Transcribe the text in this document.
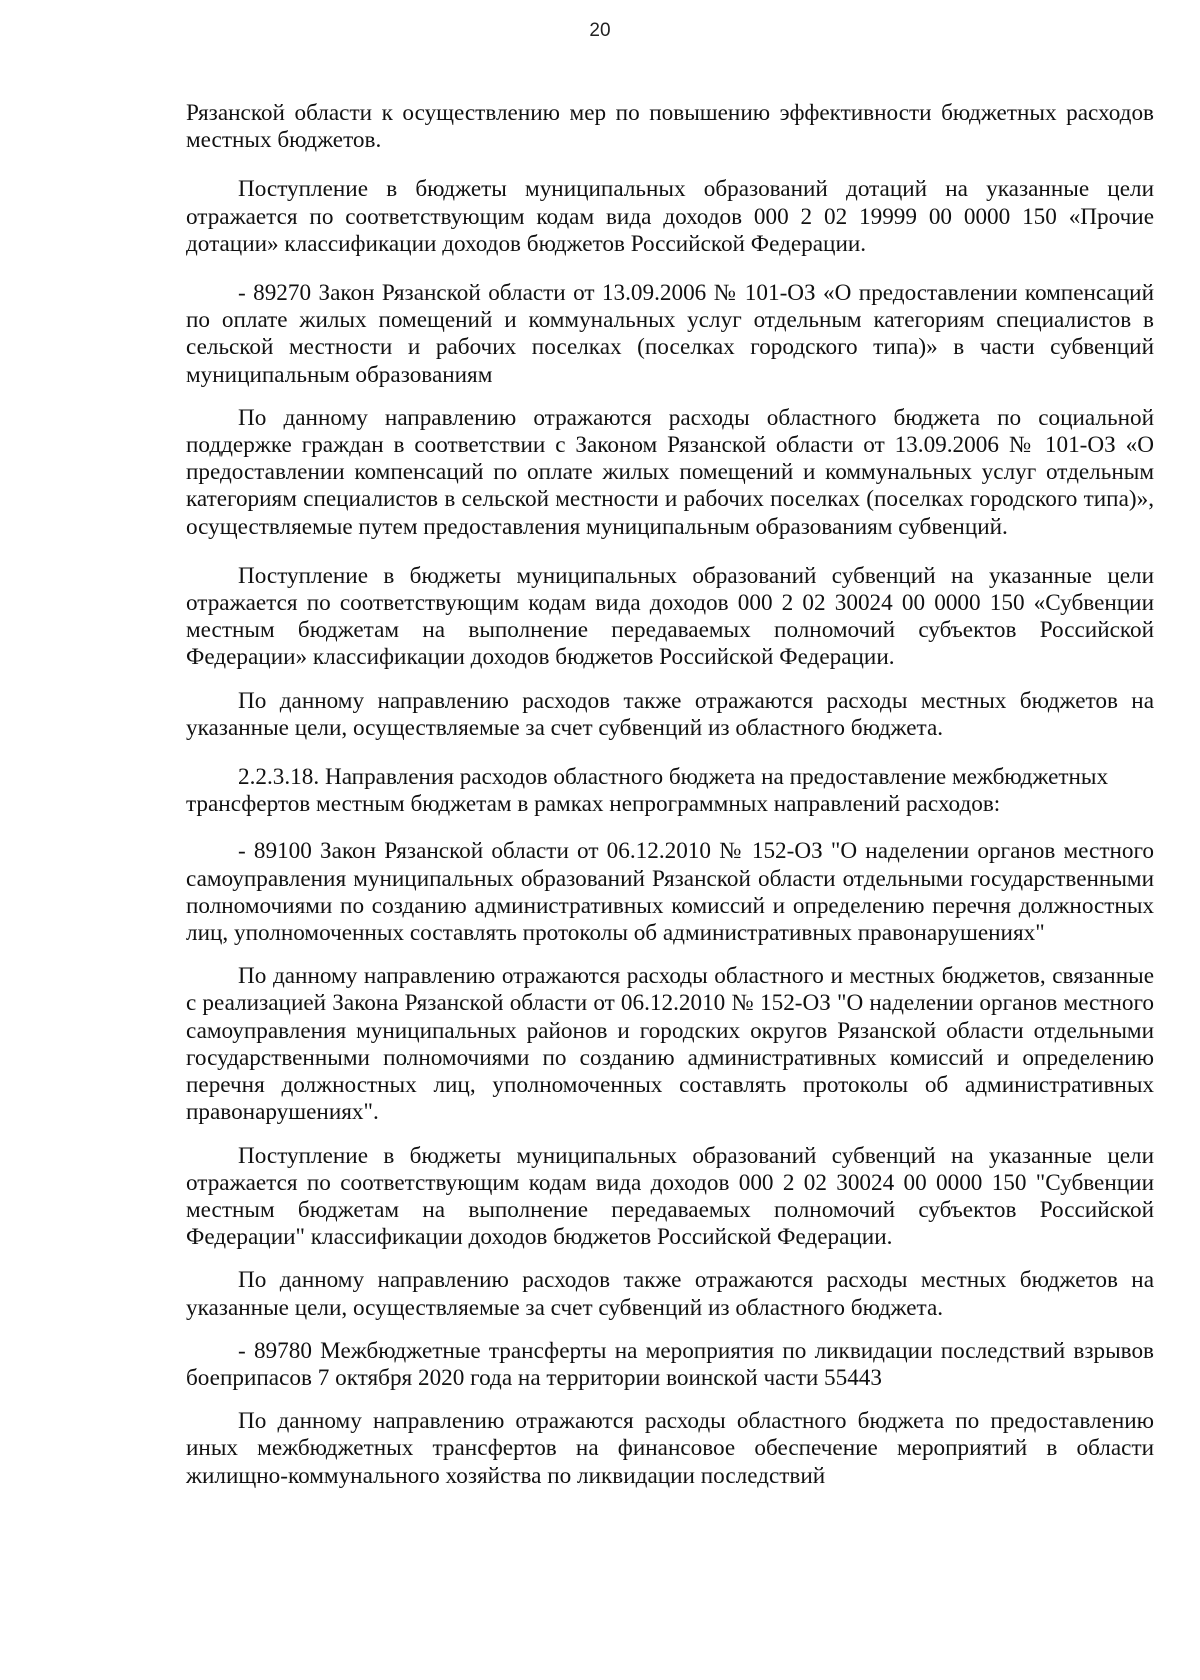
20

Рязанской области к осуществлению мер по повышению эффективности бюджетных расходов местных бюджетов.

Поступление в бюджеты муниципальных образований дотаций на указанные цели отражается по соответствующим кодам вида доходов 000 2 02 19999 00 0000 150 «Прочие дотации» классификации доходов бюджетов Российской Федерации.

- 89270 Закон Рязанской области от 13.09.2006 № 101-ОЗ «О предоставлении компенсаций по оплате жилых помещений и коммунальных услуг отдельным категориям специалистов в сельской местности и рабочих поселках (поселках городского типа)» в части субвенций муниципальным образованиям

По данному направлению отражаются расходы областного бюджета по социальной поддержке граждан в соответствии с Законом Рязанской области от 13.09.2006 № 101-ОЗ «О предоставлении компенсаций по оплате жилых помещений и коммунальных услуг отдельным категориям специалистов в сельской местности и рабочих поселках (поселках городского типа)», осуществляемые путем предоставления муниципальным образованиям субвенций.

Поступление в бюджеты муниципальных образований субвенций на указанные цели отражается по соответствующим кодам вида доходов 000 2 02 30024 00 0000 150 «Субвенции местным бюджетам на выполнение передаваемых полномочий субъектов Российской Федерации» классификации доходов бюджетов Российской Федерации.

По данному направлению расходов также отражаются расходы местных бюджетов на указанные цели, осуществляемые за счет субвенций из областного бюджета.

2.2.3.18. Направления расходов областного бюджета на предоставление межбюджетных трансфертов местным бюджетам в рамках непрограммных направлений расходов:

- 89100 Закон Рязанской области от 06.12.2010 № 152-ОЗ "О наделении органов местного самоуправления муниципальных образований Рязанской области отдельными государственными полномочиями по созданию административных комиссий и определению перечня должностных лиц, уполномоченных составлять протоколы об административных правонарушениях"

По данному направлению отражаются расходы областного и местных бюджетов, связанные с реализацией Закона Рязанской области от 06.12.2010 № 152-ОЗ "О наделении органов местного самоуправления муниципальных районов и городских округов Рязанской области отдельными государственными полномочиями по созданию административных комиссий и определению перечня должностных лиц, уполномоченных составлять протоколы об административных правонарушениях".

Поступление в бюджеты муниципальных образований субвенций на указанные цели отражается по соответствующим кодам вида доходов 000 2 02 30024 00 0000 150 "Субвенции местным бюджетам на выполнение передаваемых полномочий субъектов Российской Федерации" классификации доходов бюджетов Российской Федерации.

По данному направлению расходов также отражаются расходы местных бюджетов на указанные цели, осуществляемые за счет субвенций из областного бюджета.

- 89780 Межбюджетные трансферты на мероприятия по ликвидации последствий взрывов боеприпасов 7 октября 2020 года на территории воинской части 55443

По данному направлению отражаются расходы областного бюджета по предоставлению иных межбюджетных трансфертов на финансовое обеспечение мероприятий в области жилищно-коммунального хозяйства по ликвидации последствий
